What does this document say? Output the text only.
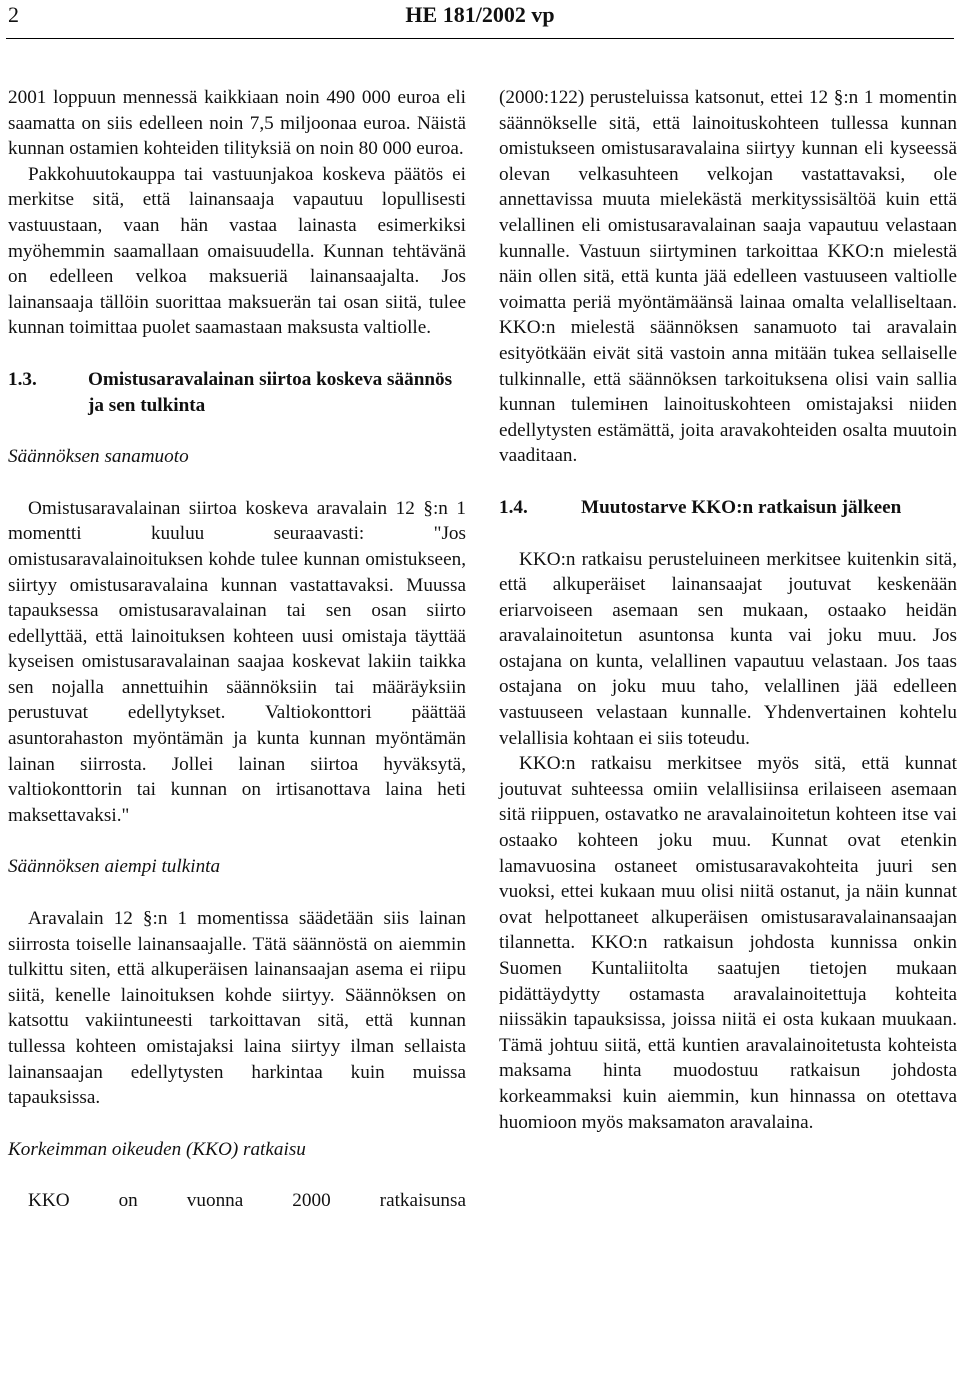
2	HE 181/2002 vp

2001 loppuun mennessä kaikkiaan noin 490 000 euroa eli saamatta on siis edelleen noin 7,5 miljoonaa euroa. Näistä kunnan ostamien kohteiden tilityksiä on noin 80 000 euroa.

Pakkohuutokauppa tai vastuunjakoa koskeva päätös ei merkitse sitä, että lainansaaja vapautuu lopullisesti vastuustaan, vaan hän vastaa lainasta esimerkiksi myöhemmin saamallaan omaisuudella. Kunnan tehtävänä on edelleen velkoa maksueriä lainansaajalta. Jos lainansaaja tällöin suorittaa maksuerän tai osan siitä, tulee kunnan toimittaa puolet saamastaan maksusta valtiolle.

1.3.	Omistusaravalainan siirtoa koskeva säännös ja sen tulkinta

Säännöksen sanamuoto

Omistusaravalainan siirtoa koskeva aravalain 12 §:n 1 momentti kuuluu seuraavasti: "Jos omistusaravalainoituksen kohde tulee kunnan omistukseen, siirtyy omistusaravalaina kunnan vastattavaksi. Muussa tapauksessa omistusaravalainan tai sen osan siirto edellyttää, että lainoituksen kohteen uusi omistaja täyttää kyseisen omistusaravalainan saajaa koskevat lakiin taikka sen nojalla annettuihin säännöksiin tai määräyksiin perustuvat edellytykset. Valtiokonttori päättää asuntorahaston myöntämän ja kunta kunnan myöntämän lainan siirrosta. Jollei lainan siirtoa hyväksytä, valtiokonttorin tai kunnan on irtisanottava laina heti maksettavaksi."

Säännöksen aiempi tulkinta

Aravalain 12 §:n 1 momentissa säädetään siis lainan siirrosta toiselle lainansaajalle. Tätä säännöstä on aiemmin tulkittu siten, että alkuperäisen lainansaajan asema ei riipu siitä, kenelle lainoituksen kohde siirtyy. Säännöksen on katsottu vakiintuneesti tarkoittavan sitä, että kunnan tullessa kohteen omistajaksi laina siirtyy ilman sellaista lainansaajan edellytysten harkintaa kuin muissa tapauksissa.

Korkeimman oikeuden (KKO) ratkaisu

KKO on vuonna 2000 ratkaisunsa

(2000:122) perusteluissa katsonut, ettei 12 §:n 1 momentin säännökselle sitä, että lainoituskohteen tullessa kunnan omistukseen omistusaravalaina siirtyy kunnan eli kyseessä olevan velkasuhteen velkojan vastattavaksi, ole annettavissa muuta mielekästä merkityssisältöä kuin että velallinen eli omistusaravalainan saaja vapautuu velastaan kunnalle. Vastuun siirtyminen tarkoittaa KKO:n mielestä näin ollen sitä, että kunta jää edelleen vastuuseen valtiolle voimatta periä myöntämäänsä lainaa omalta velalliseltaan. KKO:n mielestä säännöksen sanamuoto tai aravalain esityötkään eivät sitä vastoin anna mitään tukea sellaiselle tulkinnalle, että säännöksen tarkoituksena olisi vain sallia kunnan tulemінen lainoituskohteen omistajaksi niiden edellytysten estämättä, joita aravakohteiden osalta muutoin vaaditaan.

1.4.	Muutostarve KKO:n ratkaisun jälkeen

KKO:n ratkaisu perusteluineen merkitsee kuitenkin sitä, että alkuperäiset lainansaajat joutuvat keskenään eriarvoiseen asemaan sen mukaan, ostaako heidän aravalainoitetun asuntonsa kunta vai joku muu. Jos ostajana on kunta, velallinen vapautuu velastaan. Jos taas ostajana on joku muu taho, velallinen jää edelleen vastuuseen velastaan kunnalle. Yhdenvertainen kohtelu velallisia kohtaan ei siis toteudu.

KKO:n ratkaisu merkitsee myös sitä, että kunnat joutuvat suhteessa omiin velallisiinsa erilaiseen asemaan sitä riippuen, ostavatko ne aravalainoitetun kohteen itse vai ostaako kohteen joku muu. Kunnat ovat etenkin lamavuosina ostaneet omistusaravakohteita juuri sen vuoksi, ettei kukaan muu olisi niitä ostanut, ja näin kunnat ovat helpottaneet alkuperäisen omistusaravalainansaajan tilannetta. KKO:n ratkaisun johdosta kunnissa onkin Suomen Kuntaliitolta saatujen tietojen mukaan pidättäydytty ostamasta aravalainoitettuja kohteita niissäkin tapauksissa, joissa niitä ei osta kukaan muukaan. Tämä johtuu siitä, että kuntien aravalainoitetusta kohteista maksama hinta muodostuu ratkaisun johdosta korkeammaksi kuin aiemmin, kun hinnassa on otettava huomioon myös maksamaton aravalaina.
